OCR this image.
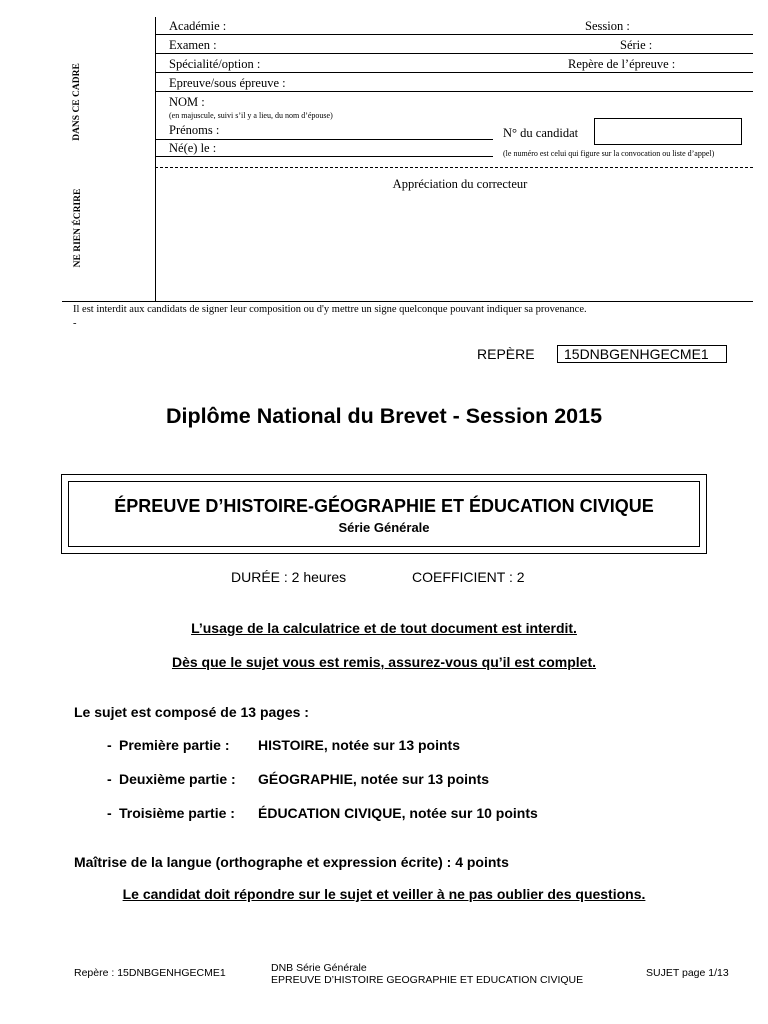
DANS CE CADRE
NE RIEN ÉCRIRE
Académie :	Session :
Examen :	Série :
Spécialité/option :	Repère de l’épreuve :
Epreuve/sous épreuve :
NOM :
(en majuscule, suivi s’il y a lieu, du nom d’épouse)
Prénoms :
Né(e) le :
N° du candidat
(le numéro est celui qui figure sur la convocation ou liste d’appel)
Appréciation du correcteur
Il est interdit aux candidats de signer leur composition ou d'y mettre un signe quelconque pouvant indiquer sa provenance.
-
REPÈRE	15DNBGENHGECME1
Diplôme National du Brevet - Session 2015
ÉPREUVE D’HISTOIRE-GÉOGRAPHIE ET ÉDUCATION CIVIQUE
Série Générale
DURÉE : 2 heures	COEFFICIENT : 2
L’usage de la calculatrice et de tout document est interdit.
Dès que le sujet vous est remis, assurez-vous qu’il est complet.
Le sujet est composé de 13 pages :
- Première partie : HISTOIRE, notée sur 13 points
- Deuxième partie : GÉOGRAPHIE, notée sur 13 points
- Troisième partie : ÉDUCATION CIVIQUE, notée sur 10 points
Maîtrise de la langue (orthographe et expression écrite) : 4 points
Le candidat doit répondre sur le sujet et veiller à ne pas oublier des questions.
Repère : 15DNBGENHGECME1	DNB Série Générale
EPREUVE D’HISTOIRE GEOGRAPHIE ET EDUCATION CIVIQUE
SUJET page 1/13
